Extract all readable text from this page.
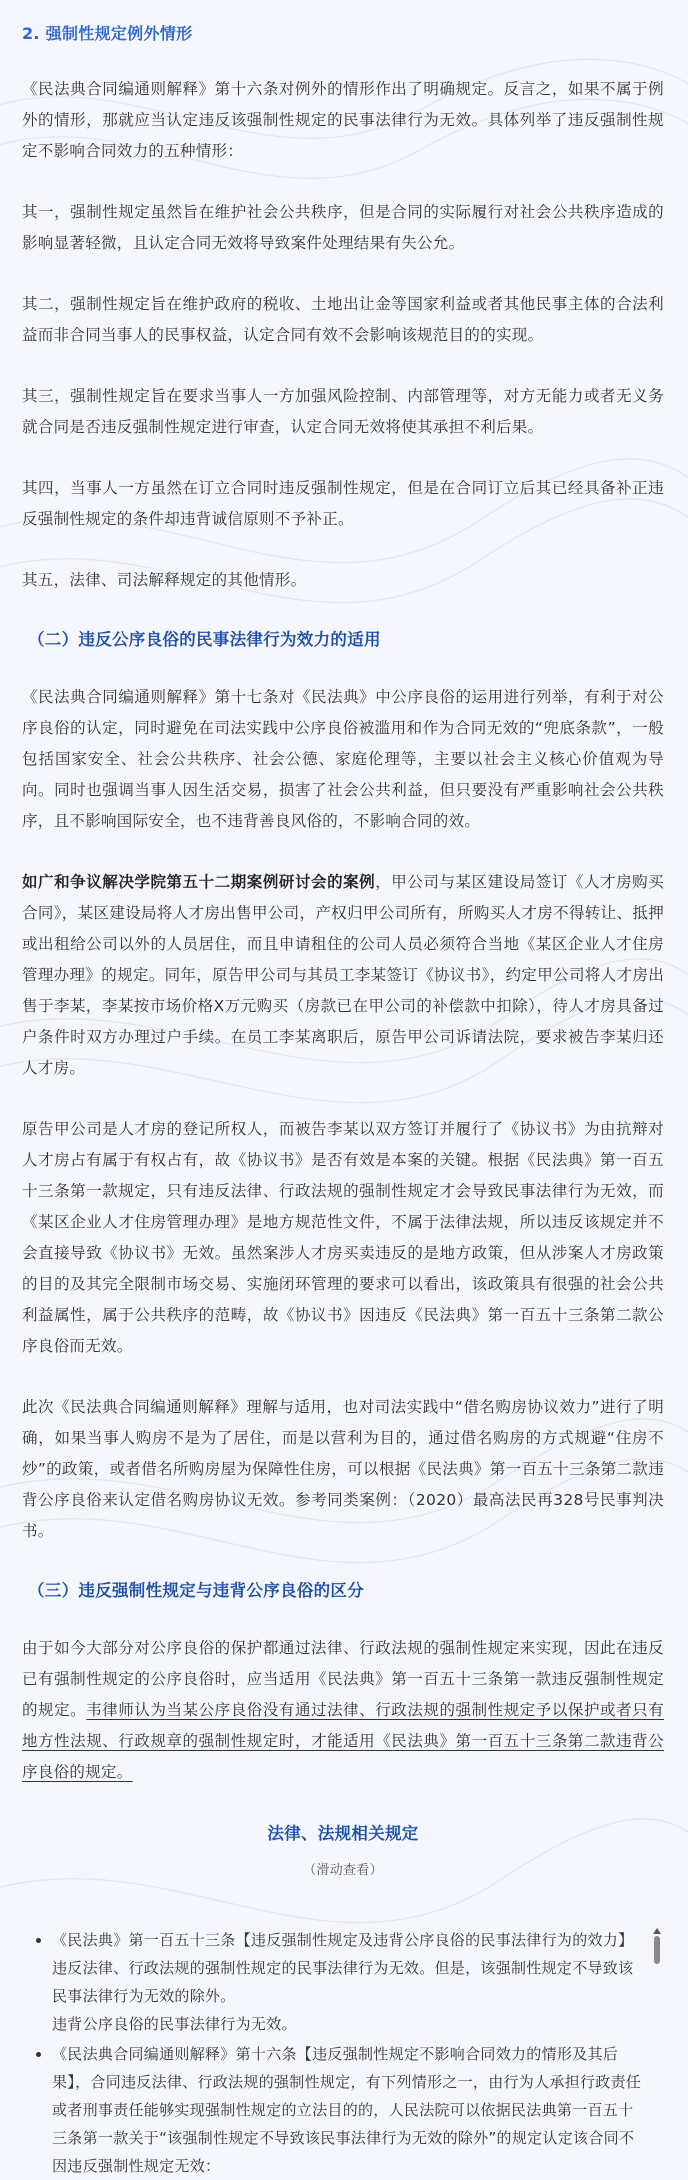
2. 强制性规定例外情形

《民法典合同编通则解释》第十六条对例外的情形作出了明确规定。反言之，如果不属于例外的情形，那就应当认定违反该强制性规定的民事法律行为无效。具体列举了违反强制性规定不影响合同效力的五种情形：

其一，强制性规定虽然旨在维护社会公共秩序，但是合同的实际履行对社会公共秩序造成的影响显著轻微，且认定合同无效将导致案件处理结果有失公允。

其二，强制性规定旨在维护政府的税收、土地出让金等国家利益或者其他民事主体的合法利益而非合同当事人的民事权益，认定合同有效不会影响该规范目的的实现。

其三，强制性规定旨在要求当事人一方加强风险控制、内部管理等，对方无能力或者无义务就合同是否违反强制性规定进行审查，认定合同无效将使其承担不利后果。

其四，当事人一方虽然在订立合同时违反强制性规定，但是在合同订立后其已经具备补正违反强制性规定的条件却违背诚信原则不予补正。

其五，法律、司法解释规定的其他情形。

（二）违反公序良俗的民事法律行为效力的适用

《民法典合同编通则解释》第十七条对《民法典》中公序良俗的运用进行列举，有利于对公序良俗的认定，同时避免在司法实践中公序良俗被滥用和作为合同无效的“兜底条款”，一般包括国家安全、社会公共秩序、社会公德、家庭伦理等，主要以社会主义核心价值观为导向。同时也强调当事人因生活交易，损害了社会公共利益，但只要没有严重影响社会公共秩序，且不影响国际安全，也不违背善良风俗的，不影响合同的效。

如广和争议解决学院第五十二期案例研讨会的案例，甲公司与某区建设局签订《人才房购买合同》，某区建设局将人才房出售甲公司，产权归甲公司所有，所购买人才房不得转让、抵押或出租给公司以外的人员居住，而且申请租住的公司人员必须符合当地《某区企业人才住房管理办理》的规定。同年，原告甲公司与其员工李某签订《协议书》，约定甲公司将人才房出售于李某，李某按市场价格X万元购买（房款已在甲公司的补偿款中扣除），待人才房具备过户条件时双方办理过户手续。在员工李某离职后，原告甲公司诉请法院，要求被告李某归还人才房。

原告甲公司是人才房的登记所权人，而被告李某以双方签订并履行了《协议书》为由抗辩对人才房占有属于有权占有，故《协议书》是否有效是本案的关键。根据《民法典》第一百五十三条第一款规定，只有违反法律、行政法规的强制性规定才会导致民事法律行为无效，而《某区企业人才住房管理办理》是地方规范性文件，不属于法律法规，所以违反该规定并不会直接导致《协议书》无效。虽然案涉人才房买卖违反的是地方政策，但从涉案人才房政策的目的及其完全限制市场交易、实施闭环管理的要求可以看出，该政策具有很强的社会公共利益属性，属于公共秩序的范畴，故《协议书》因违反《民法典》第一百五十三条第二款公序良俗而无效。

此次《民法典合同编通则解释》理解与适用，也对司法实践中“借名购房协议效力”进行了明确，如果当事人购房不是为了居住，而是以营利为目的，通过借名购房的方式规避“住房不炒”的政策，或者借名所购房屋为保障性住房，可以根据《民法典》第一百五十三条第二款违背公序良俗来认定借名购房协议无效。参考同类案例：（2020）最高法民再328号民事判决书。

（三）违反强制性规定与违背公序良俗的区分

由于如今大部分对公序良俗的保护都通过法律、行政法规的强制性规定来实现，因此在违反已有强制性规定的公序良俗时，应当适用《民法典》第一百五十三条第一款违反强制性规定的规定。韦律师认为当某公序良俗没有通过法律、行政法规的强制性规定予以保护或者只有地方性法规、行政规章的强制性规定时，才能适用《民法典》第一百五十三条第二款违背公序良俗的规定。

法律、法规相关规定
（滑动查看）
• 《民法典》第一百五十三条【违反强制性规定及违背公序良俗的民事法律行为的效力】违反法律、行政法规的强制性规定的民事法律行为无效。但是，该强制性规定不导致该民事法律行为无效的除外。
违背公序良俗的民事法律行为无效。
• 《民法典合同编通则解释》第十六条【违反强制性规定不影响合同效力的情形及其后果】，合同违反法律、行政法规的强制性规定，有下列情形之一，由行为人承担行政责任或者刑事责任能够实现强制性规定的立法目的的，人民法院可以依据民法典第一百五十三条第一款关于“该强制性规定不导致该民事法律行为无效的除外”的规定认定该合同不因违反强制性规定无效：
